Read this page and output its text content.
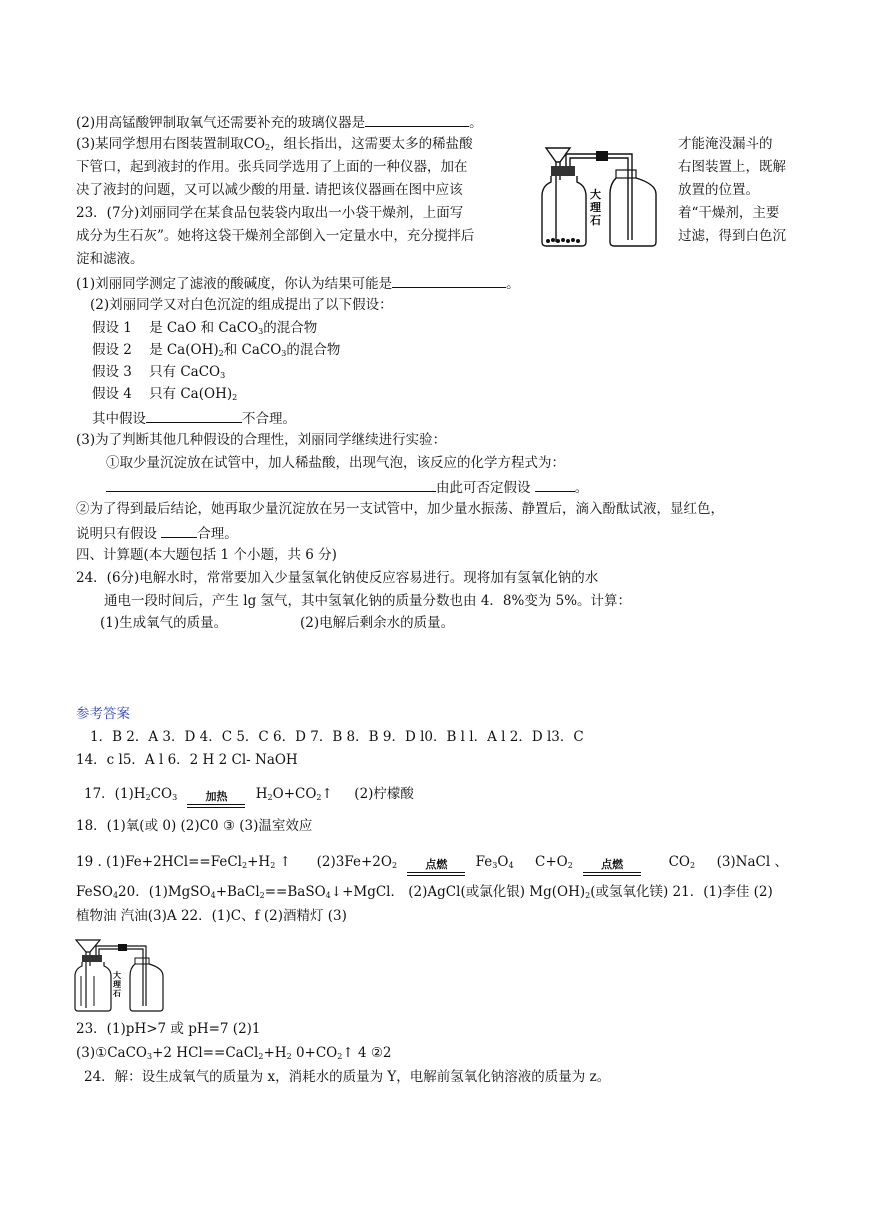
(2)用高锰酸钾制取氧气还需要补充的玻璃仪器是	。
(3)某同学想用右图装置制取$CO_2$，组长指出，这需要太多的稀盐酸	才能淹没漏斗的
下管口，起到液封的作用。张兵同学选用了上面的一种仪器，加在	右图装置上，既解
决了液封的问题，又可以减少酸的用量. 请把该仪器画在图中应该	放置的位置。
大
理
石
23．(7分)刘丽同学在某食品包装袋内取出一小袋干燥剂，上面写	着“干燥剂，主要
成分为生石灰”。她将这袋干燥剂全部倒入一定量水中，充分搅拌后	过滤，得到白色沉
淀和滤液。
(1)刘丽同学测定了滤液的酸碱度，你认为结果可能是	。
(2)刘丽同学又对白色沉淀的组成提出了以下假设：
假设 1 是 CaO 和 CaCO$_3$的混合物
假设 2 是 $Ca(OH)_2$和 CaCO$_3$的混合物
假设 3 只有 CaCO$_3$
假设 4 只有 $Ca(OH)_2$
其中假设	不合理。
(3)为了判断其他几种假设的合理性，刘丽同学继续进行实验：
①取少量沉淀放在试管中，加人稀盐酸，出现气泡，该反应的化学方程式为：
由此可否定假设	。
②为了得到最后结论，她再取少量沉淀放在另一支试管中，加少量水振荡、静置后，滴入酚酞试液，显红色，
说明只有假设	合理。
四、计算题(本大题包括 1 个小题，共 6 分)
24．(6分)电解水时，常常要加入少量氢氧化钠使反应容易进行。现将加有氢氧化钠的水
通电一段时间后，产生 lg 氢气，其中氢氧化钠的质量分数也由 4．8%变为 5%。计算：
(1)生成氧气的质量。	(2)电解后剩余水的质量。
参考答案
1．B 2．A 3．D 4．C 5．C 6．D 7．B 8．B 9．D l0．B l l．A l 2．D l3．C
14．c l5．A l 6．2 H 2 Cl- NaOH
17．$(1)H_2CO_3$	加热	$H_2O+CO_2↑$ (2)柠檬酸
18．(1)氧(或 0) (2)C0 ③ (3)温室效应
19 . $(1)Fe+2HCl==FeCl_2+H_2$ ↑ $(2)3Fe+2O_2$	点燃	$Fe_3O_4$ $C+O_2$	点燃	$CO_2$ (3)NaCl 、
FeSO$_4$20．(1)MgSO$_4$+BaCl$_2$==BaSO$_4$↓+MgCl． (2)AgCl(或氯化银) $Mg(OH)_2$(或氢氧化镁) 21．(1)李佳 (2)
植物油 汽油(3)A 22．(1)C、f (2)酒精灯 (3)
大
理
石
23．(1)pH>7 或 pH=7 (2)1
(3)①CaCO$_3$+2 $HCl==CaCl_2+H_2$ $0+CO_2↑$ 4 ②2
24．解：设生成氧气的质量为 x，消耗水的质量为 Y，电解前氢氧化钠溶液的质量为 z。
